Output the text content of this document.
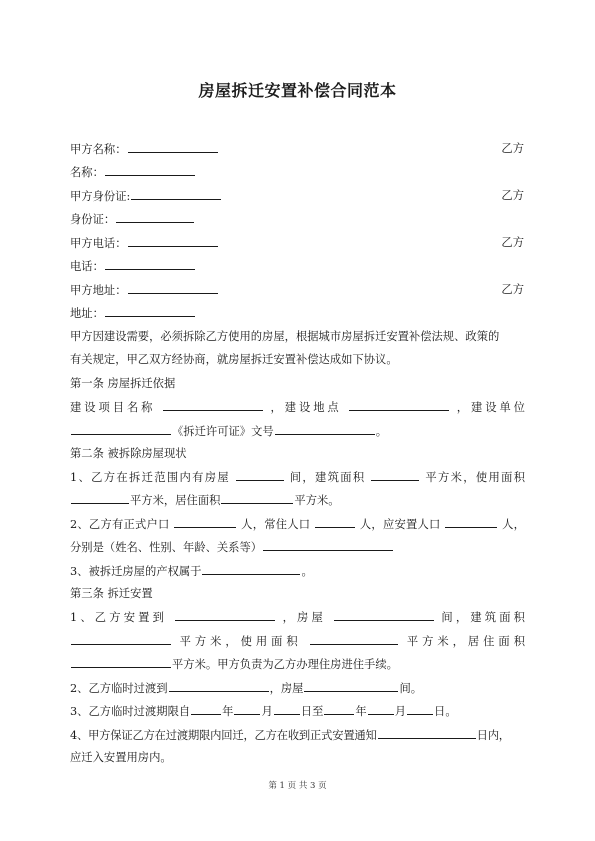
房屋拆迁安置补偿合同范本
甲方名称：	乙方
名称：
甲方身份证:	乙方
身份证：
甲方电话：	乙方
电话：
甲方地址：	乙方
地址：
甲方因建设需要，必须拆除乙方使用的房屋，根据城市房屋拆迁安置补偿法规、政策的
有关规定，甲乙双方经协商，就房屋拆迁安置补偿达成如下协议。
第一条 房屋拆迁依据
建设项目名称	，建设地点	，建设单位
《拆迁许可证》文号	。
第二条 被拆除房屋现状
1、乙方在拆迁范围内有房屋	间，建筑面积	平方米，使用面积
平方米，居住面积	平方米。
2、乙方有正式户口	人，常住人口	人，应安置人口	人，
分别是（姓名、性别、年龄、关系等）
3、被拆迁房屋的产权属于	。
第三条 拆迁安置
1、乙方安置到	，房屋	间，建筑面积
平方米，使用面积	平方米，居住面积
平方米。甲方负责为乙方办理住房进住手续。
2、乙方临时过渡到	，房屋	间。
3、乙方临时过渡期限自	年 月 日至	年 月 日。
4、甲方保证乙方在过渡期限内回迁，乙方在收到正式安置通知	日内，
应迁入安置用房内。
第 1 页 共 3 页
